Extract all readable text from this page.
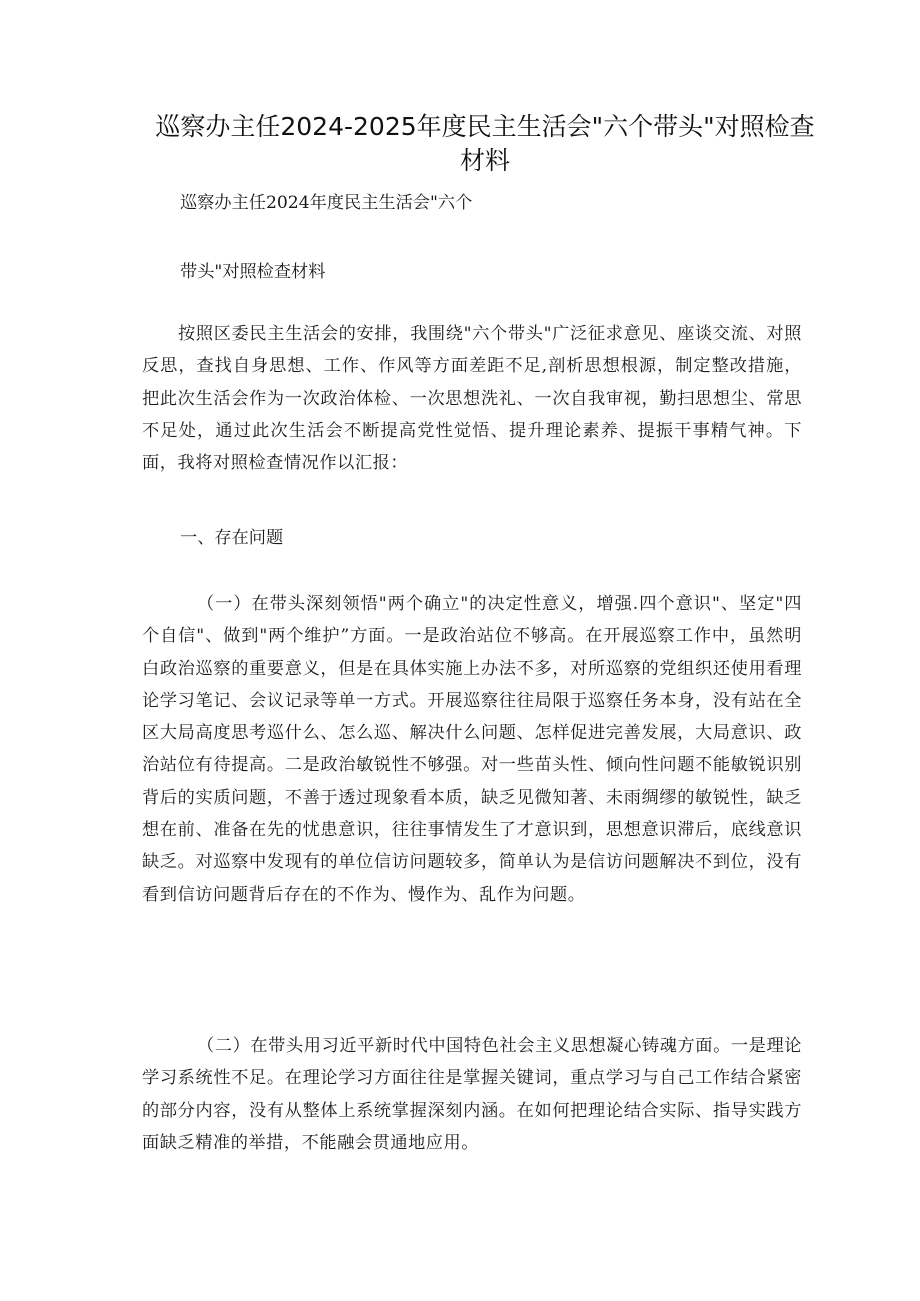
巡察办主任2024-2025年度民主生活会"六个带头"对照检查材料

巡察办主任2024年度民主生活会"六个

带头"对照检查材料

按照区委民主生活会的安排，我围绕"六个带头"广泛征求意见、座谈交流、对照反思，查找自身思想、工作、作风等方面差距不足,剖析思想根源，制定整改措施，把此次生活会作为一次政治体检、一次思想洗礼、一次自我审视，勤扫思想尘、常思不足处，通过此次生活会不断提高党性觉悟、提升理论素养、提振干事精气神。下面，我将对照检查情况作以汇报：

一、存在问题

（一）在带头深刻领悟"两个确立"的决定性意义，增强.四个意识"、坚定"四个自信"、做到"两个维护”方面。一是政治站位不够高。在开展巡察工作中，虽然明白政治巡察的重要意义，但是在具体实施上办法不多，对所巡察的党组织还使用看理论学习笔记、会议记录等单一方式。开展巡察往往局限于巡察任务本身，没有站在全区大局高度思考巡什么、怎么巡、解决什么问题、怎样促进完善发展，大局意识、政治站位有待提高。二是政治敏锐性不够强。对一些苗头性、倾向性问题不能敏锐识别背后的实质问题，不善于透过现象看本质，缺乏见微知著、未雨绸缪的敏锐性，缺乏想在前、准备在先的忧患意识，往往事情发生了才意识到，思想意识滞后，底线意识缺乏。对巡察中发现有的单位信访问题较多，简单认为是信访问题解决不到位，没有看到信访问题背后存在的不作为、慢作为、乱作为问题。

（二）在带头用习近平新时代中国特色社会主义思想凝心铸魂方面。一是理论学习系统性不足。在理论学习方面往往是掌握关键词，重点学习与自己工作结合紧密的部分内容，没有从整体上系统掌握深刻内涵。在如何把理论结合实际、指导实践方面缺乏精准的举措，不能融会贯通地应用。
